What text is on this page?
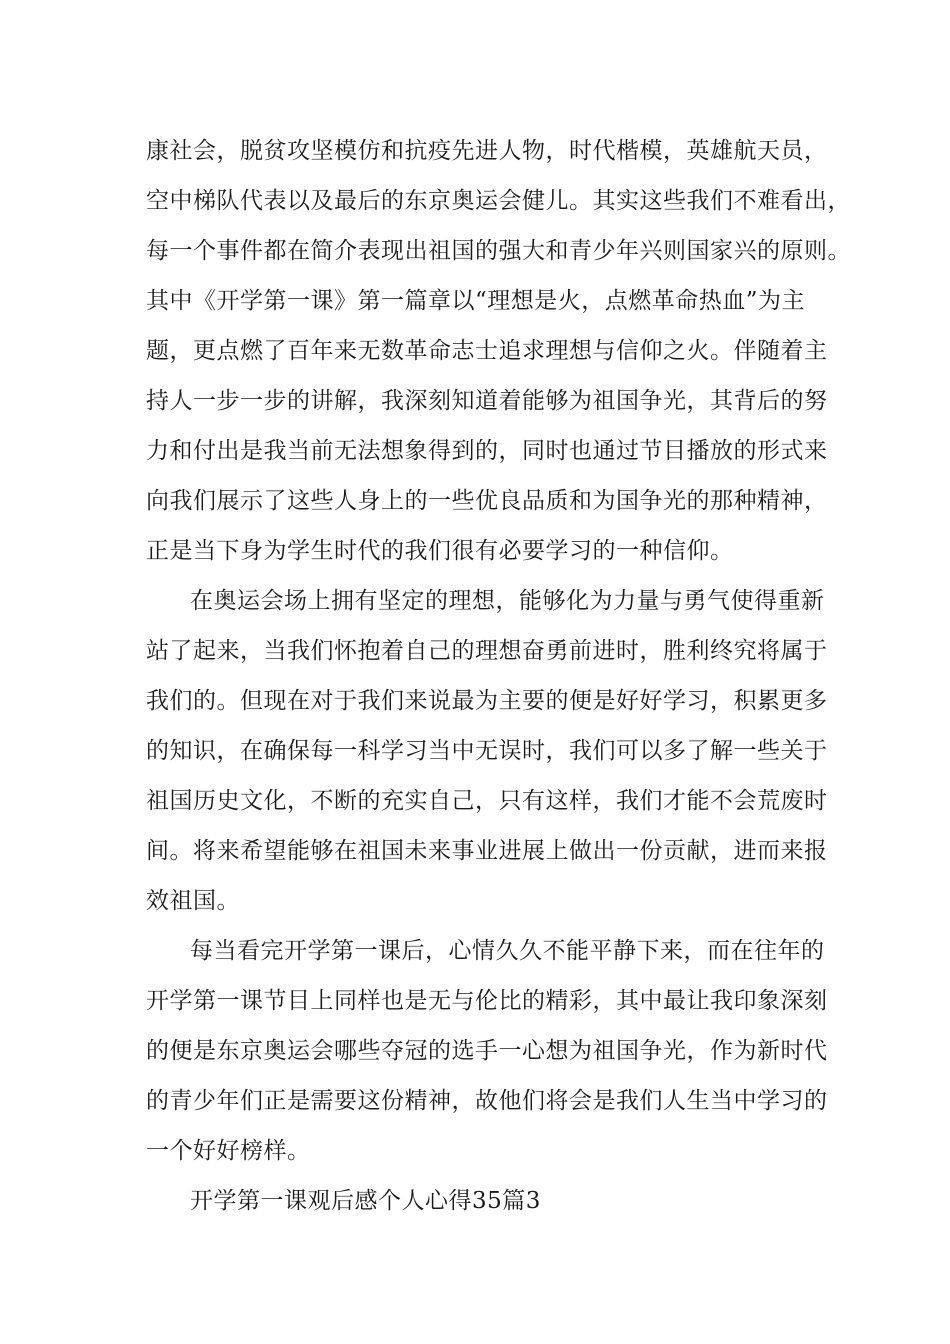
康社会，脱贫攻坚模仿和抗疫先进人物，时代楷模，英雄航天员，
空中梯队代表以及最后的东京奥运会健儿。其实这些我们不难看出，
每一个事件都在简介表现出祖国的强大和青少年兴则国家兴的原则。
其中《开学第一课》第一篇章以“理想是火，点燃革命热血”为主
题，更点燃了百年来无数革命志士追求理想与信仰之火。伴随着主
持人一步一步的讲解，我深刻知道着能够为祖国争光，其背后的努
力和付出是我当前无法想象得到的，同时也通过节目播放的形式来
向我们展示了这些人身上的一些优良品质和为国争光的那种精神，
正是当下身为学生时代的我们很有必要学习的一种信仰。
在奥运会场上拥有坚定的理想，能够化为力量与勇气使得重新
站了起来，当我们怀抱着自己的理想奋勇前进时，胜利终究将属于
我们的。但现在对于我们来说最为主要的便是好好学习，积累更多
的知识，在确保每一科学习当中无误时，我们可以多了解一些关于
祖国历史文化，不断的充实自己，只有这样，我们才能不会荒废时
间。将来希望能够在祖国未来事业进展上做出一份贡献，进而来报
效祖国。
每当看完开学第一课后，心情久久不能平静下来，而在往年的
开学第一课节目上同样也是无与伦比的精彩，其中最让我印象深刻
的便是东京奥运会哪些夺冠的选手一心想为祖国争光，作为新时代
的青少年们正是需要这份精神，故他们将会是我们人生当中学习的
一个好好榜样。
开学第一课观后感个人心得35篇3
